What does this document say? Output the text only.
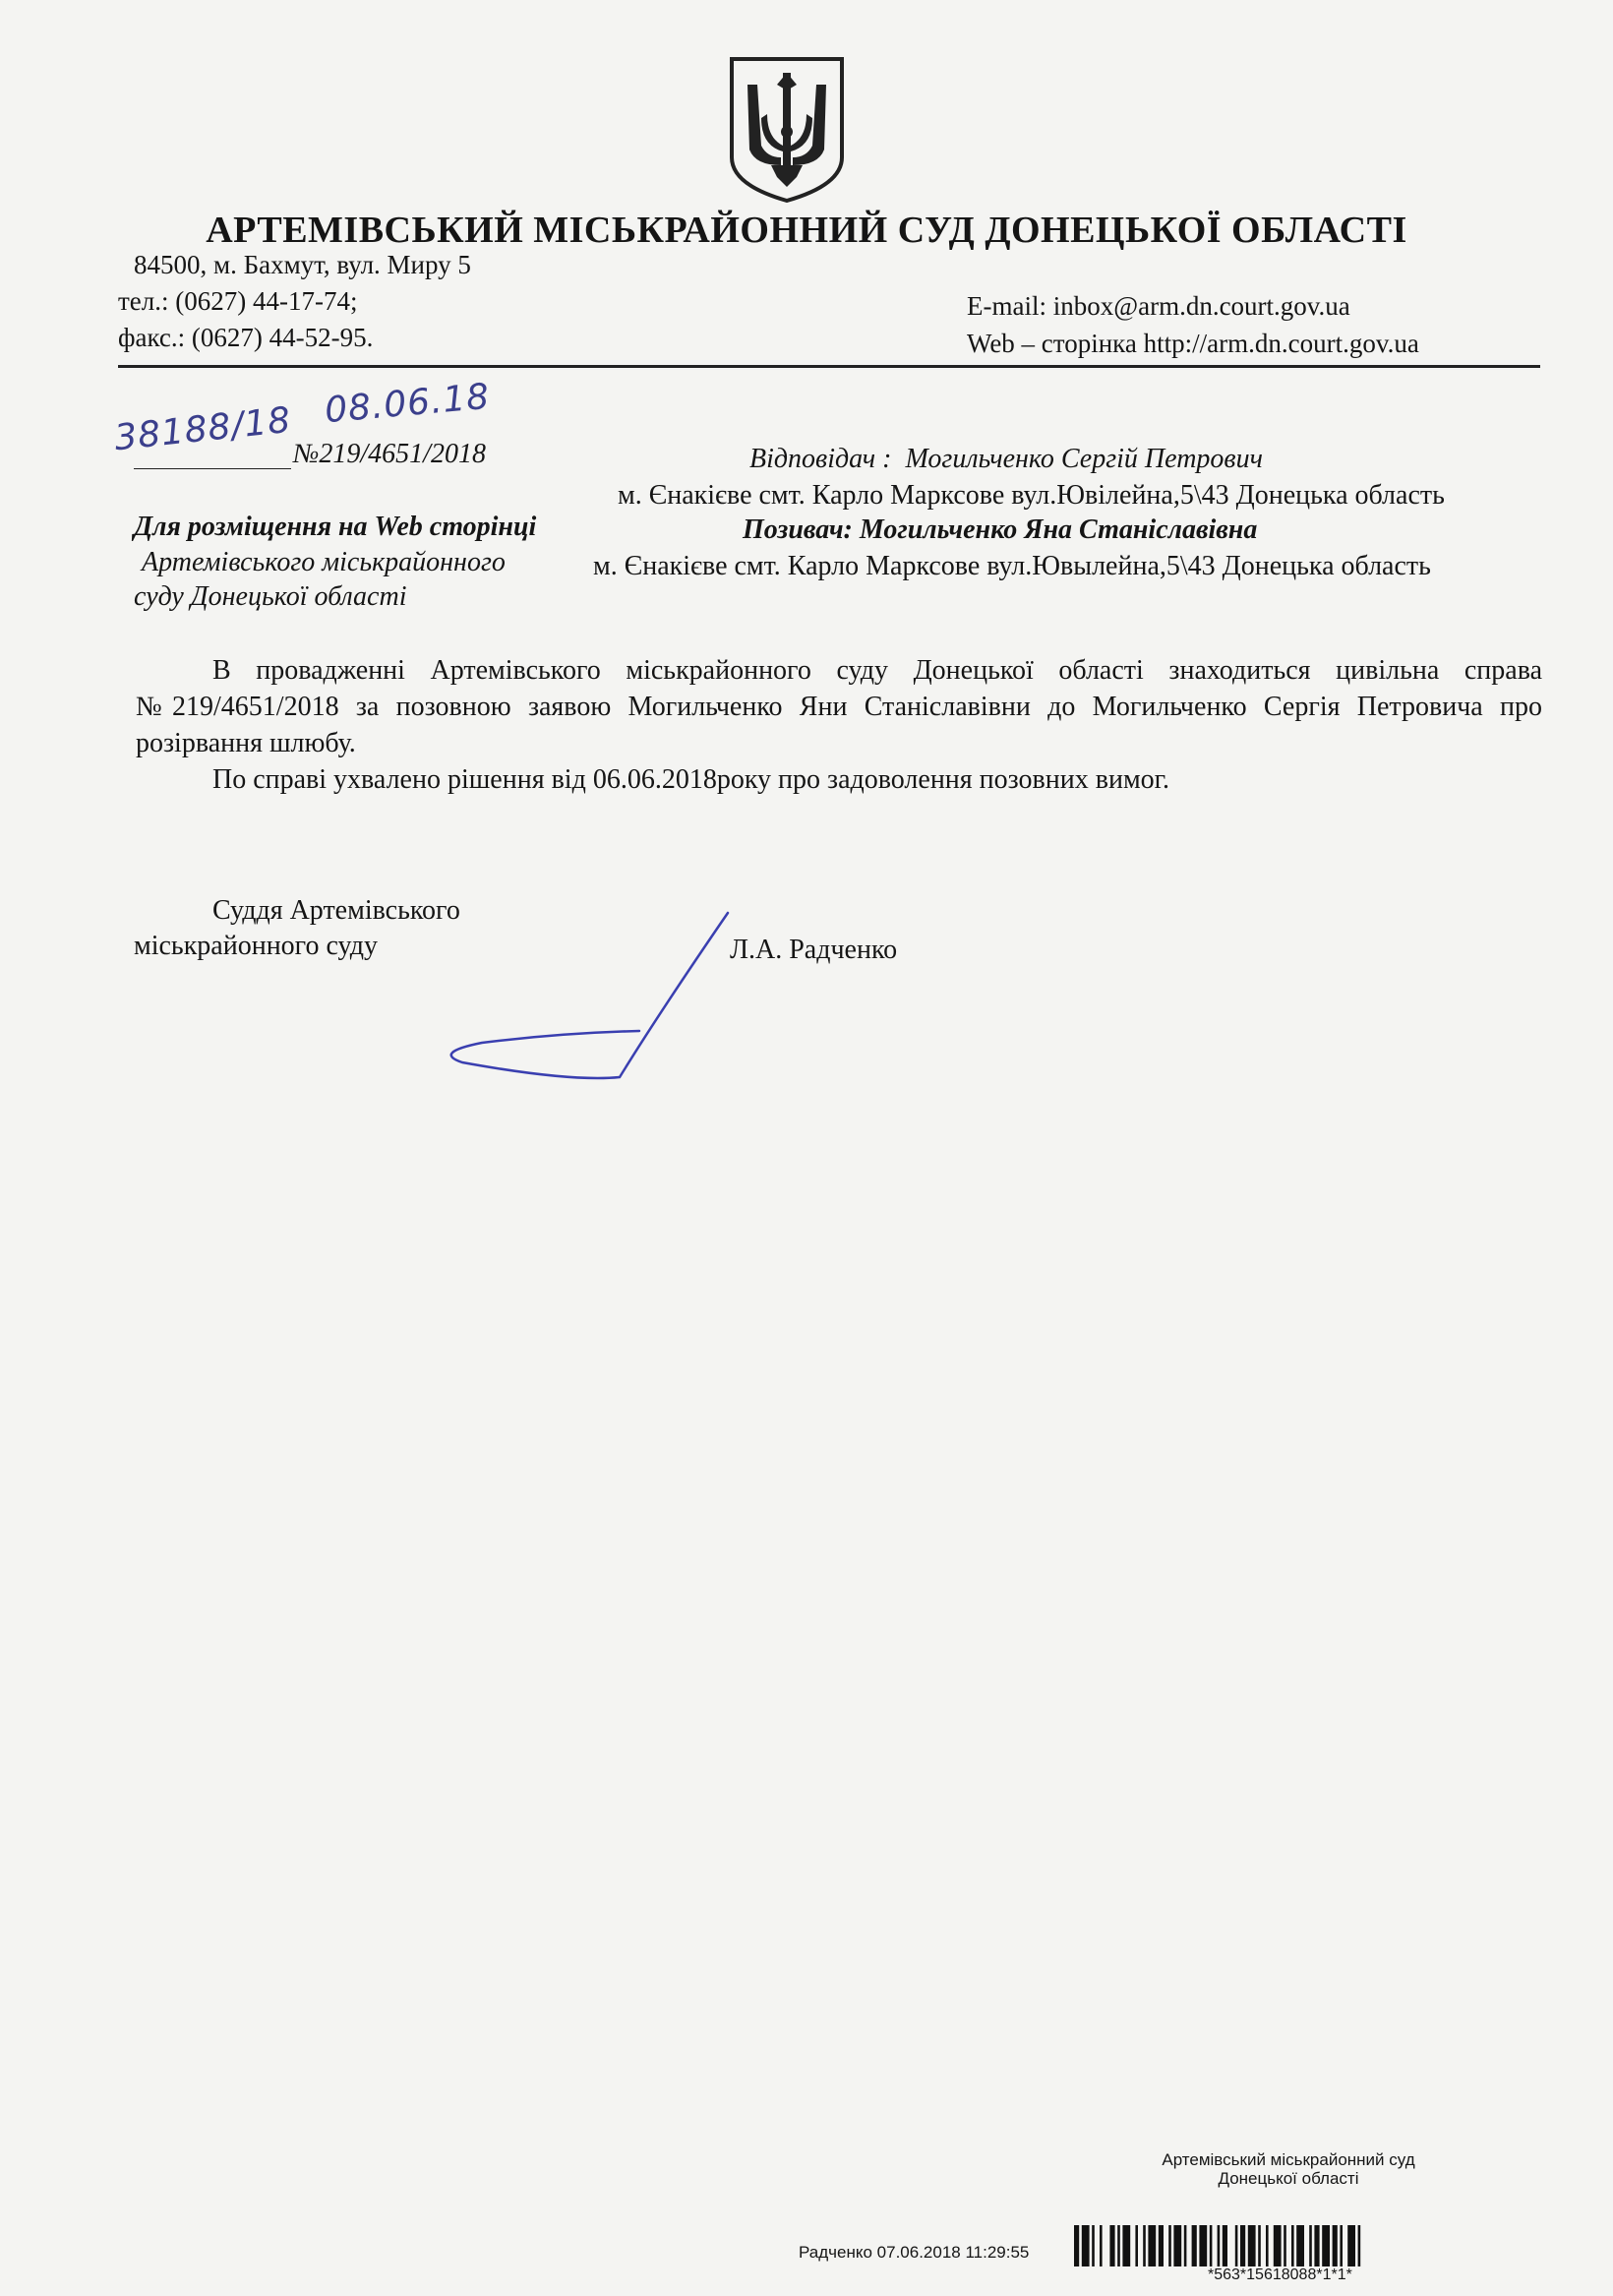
АРТЕМІВСЬКИЙ МІСЬКРАЙОННИЙ СУД ДОНЕЦЬКОЇ ОБЛАСТІ
84500, м. Бахмут, вул. Миру 5
тел.: (0627) 44-17-74;
факс.: (0627) 44-52-95.
E-mail: inbox@arm.dn.court.gov.ua
Web – сторінка http://arm.dn.court.gov.ua
38188/18 08.06.18
№219/4651/2018	Відповідач : Могильченко Сергій Петрович
м. Єнакієве смт. Карло Марксове вул.Ювілейна,5\43 Донецька область
Для розміщення на Web сторінці	Позивач: Могильченко Яна Станіславівна
Артемівського міськрайонного	м. Єнакієве смт. Карло Марксове вул.Ювылейна,5\43 Донецька область
суду Донецької області
В провадженні Артемівського міськрайонного суду Донецької області знаходиться цивільна справа №219/4651/2018 за позовною заявою Могильченко Яни Станіславівни до Могильченко Сергія Петровича про розірвання шлюбу.
По справі ухвалено рішення від 06.06.2018року про задоволення позовних вимог.
Суддя Артемівського
міськрайонного суду	Л.А. Радченко
Артемівський міськрайонний суд
Донецької області
Радченко 07.06.2018 11:29:55
*563*15618088*1*1*
